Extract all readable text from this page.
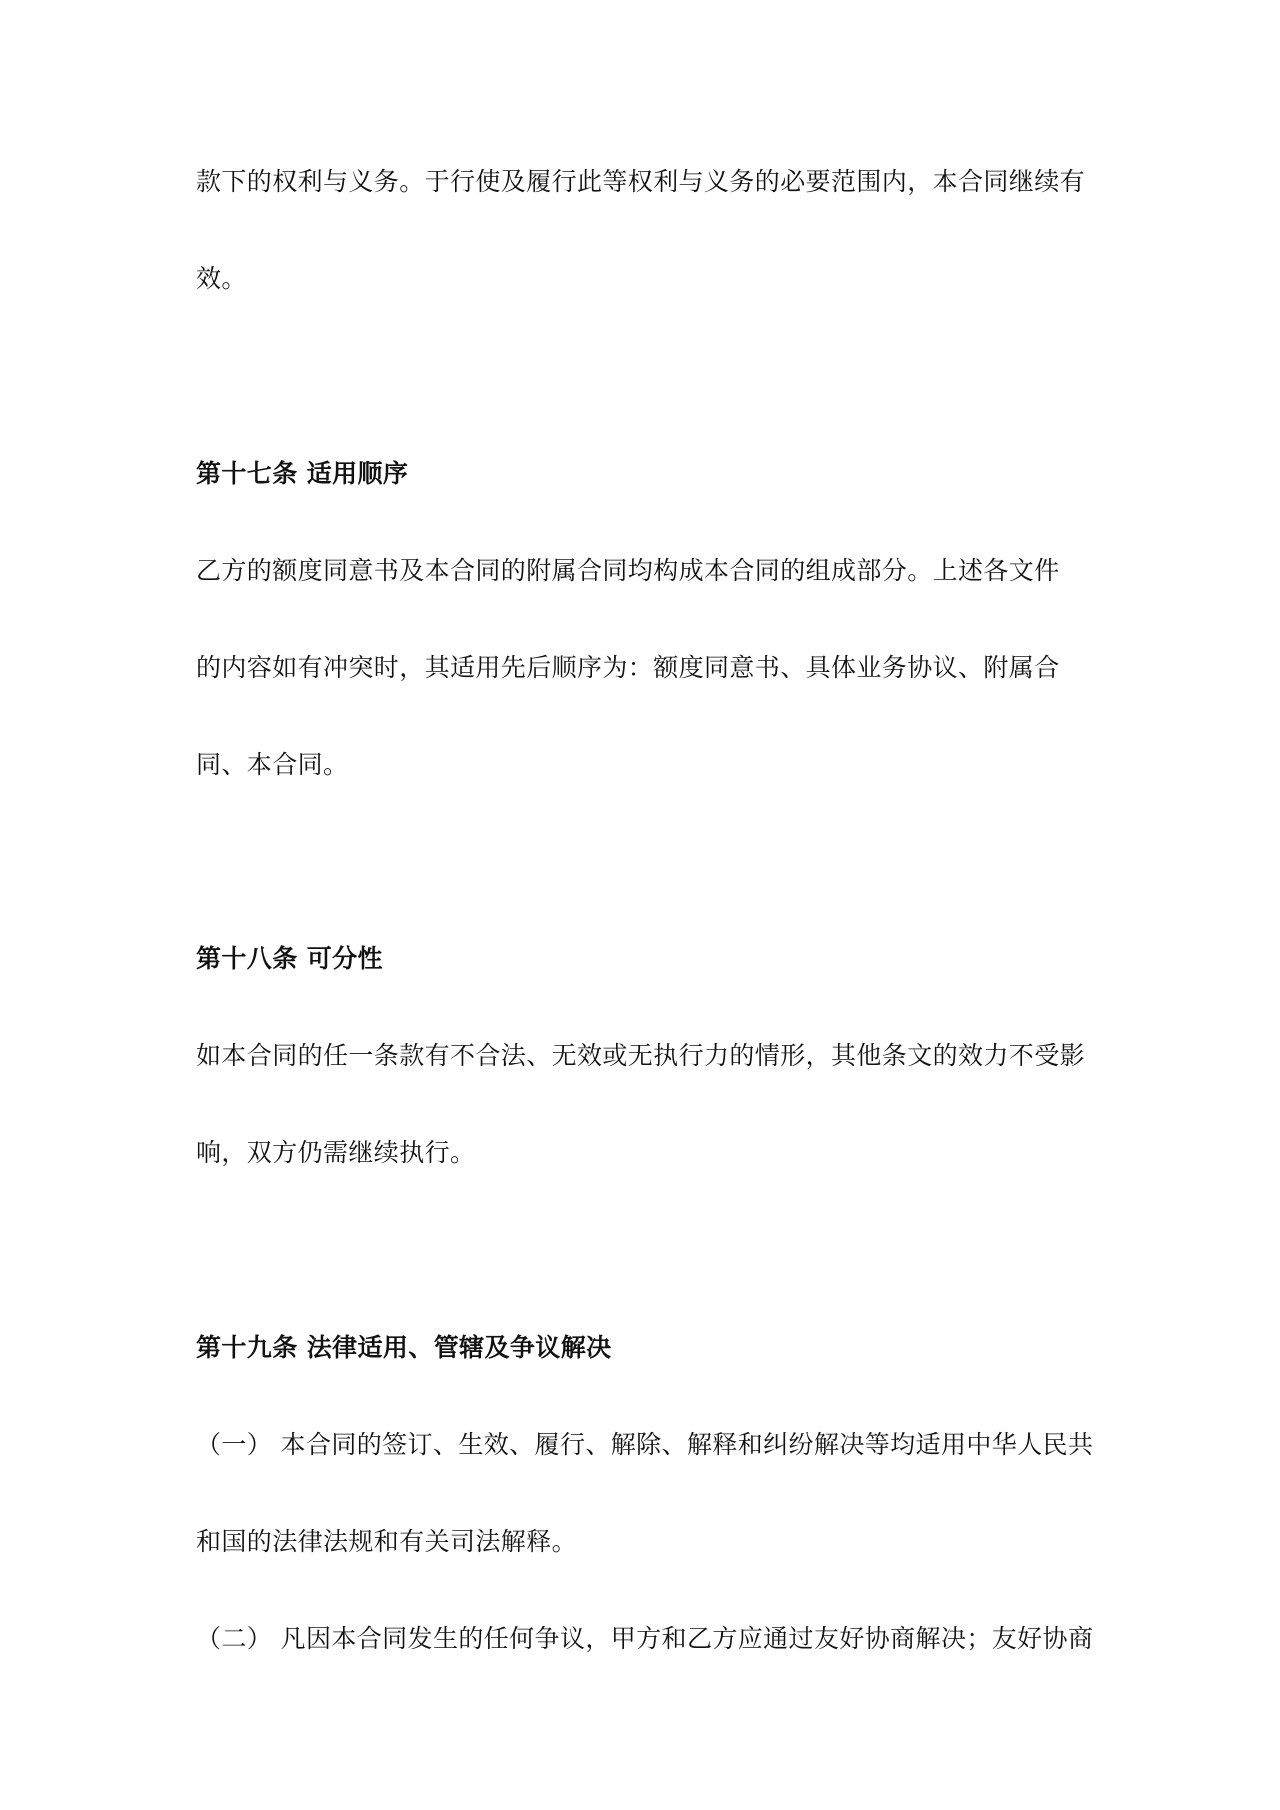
款下的权利与义务。于行使及履行此等权利与义务的必要范围内，本合同继续有
效。
第十七条 适用顺序
乙方的额度同意书及本合同的附属合同均构成本合同的组成部分。上述各文件
的内容如有冲突时，其适用先后顺序为：额度同意书、具体业务协议、附属合
同、本合同。
第十八条 可分性
如本合同的任一条款有不合法、无效或无执行力的情形，其他条文的效力不受影
响，双方仍需继续执行。
第十九条 法律适用、管辖及争议解决
（一） 本合同的签订、生效、履行、解除、解释和纠纷解决等均适用中华人民共
和国的法律法规和有关司法解释。
（二） 凡因本合同发生的任何争议，甲方和乙方应通过友好协商解决；友好协商
